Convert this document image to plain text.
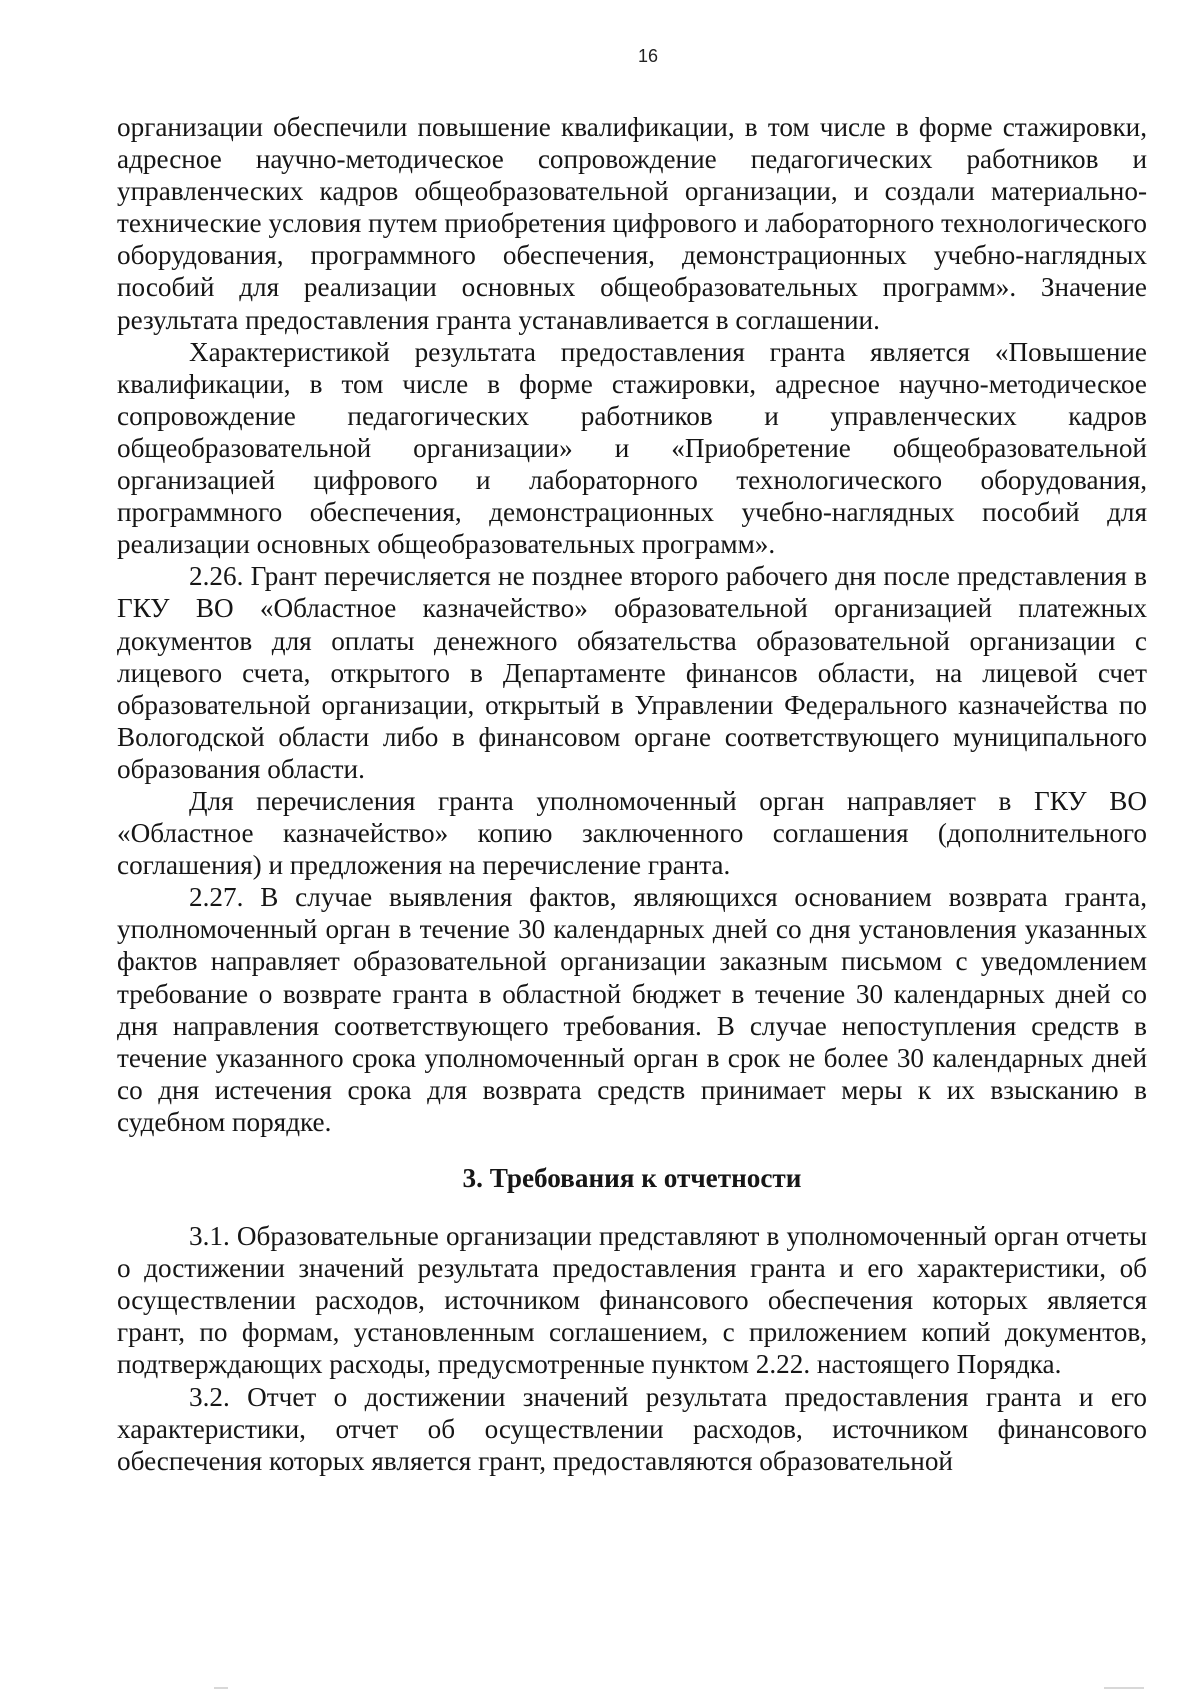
16

организации обеспечили повышение квалификации, в том числе в форме стажировки, адресное научно-методическое сопровождение педагогических работников и управленческих кадров общеобразовательной организации, и создали материально-технические условия путем приобретения цифрового и лабораторного технологического оборудования, программного обеспечения, демонстрационных учебно-наглядных пособий для реализации основных общеобразовательных программ». Значение результата предоставления гранта устанавливается в соглашении.

Характеристикой результата предоставления гранта является «Повышение квалификации, в том числе в форме стажировки, адресное научно-методическое сопровождение педагогических работников и управленческих кадров общеобразовательной организации» и «Приобретение общеобразовательной организацией цифрового и лабораторного технологического оборудования, программного обеспечения, демонстрационных учебно-наглядных пособий для реализации основных общеобразовательных программ».

2.26. Грант перечисляется не позднее второго рабочего дня после представления в ГКУ ВО «Областное казначейство» образовательной организацией платежных документов для оплаты денежного обязательства образовательной организации с лицевого счета, открытого в Департаменте финансов области, на лицевой счет образовательной организации, открытый в Управлении Федерального казначейства по Вологодской области либо в финансовом органе соответствующего муниципального образования области.

Для перечисления гранта уполномоченный орган направляет в ГКУ ВО «Областное казначейство» копию заключенного соглашения (дополнительного соглашения) и предложения на перечисление гранта.

2.27. В случае выявления фактов, являющихся основанием возврата гранта, уполномоченный орган в течение 30 календарных дней со дня установления указанных фактов направляет образовательной организации заказным письмом с уведомлением требование о возврате гранта в областной бюджет в течение 30 календарных дней со дня направления соответствующего требования. В случае непоступления средств в течение указанного срока уполномоченный орган в срок не более 30 календарных дней со дня истечения срока для возврата средств принимает меры к их взысканию в судебном порядке.

3. Требования к отчетности

3.1. Образовательные организации представляют в уполномоченный орган отчеты о достижении значений результата предоставления гранта и его характеристики, об осуществлении расходов, источником финансового обеспечения которых является грант, по формам, установленным соглашением, с приложением копий документов, подтверждающих расходы, предусмотренные пунктом 2.22. настоящего Порядка.

3.2. Отчет о достижении значений результата предоставления гранта и его характеристики, отчет об осуществлении расходов, источником финансового обеспечения которых является грант, предоставляются образовательной
